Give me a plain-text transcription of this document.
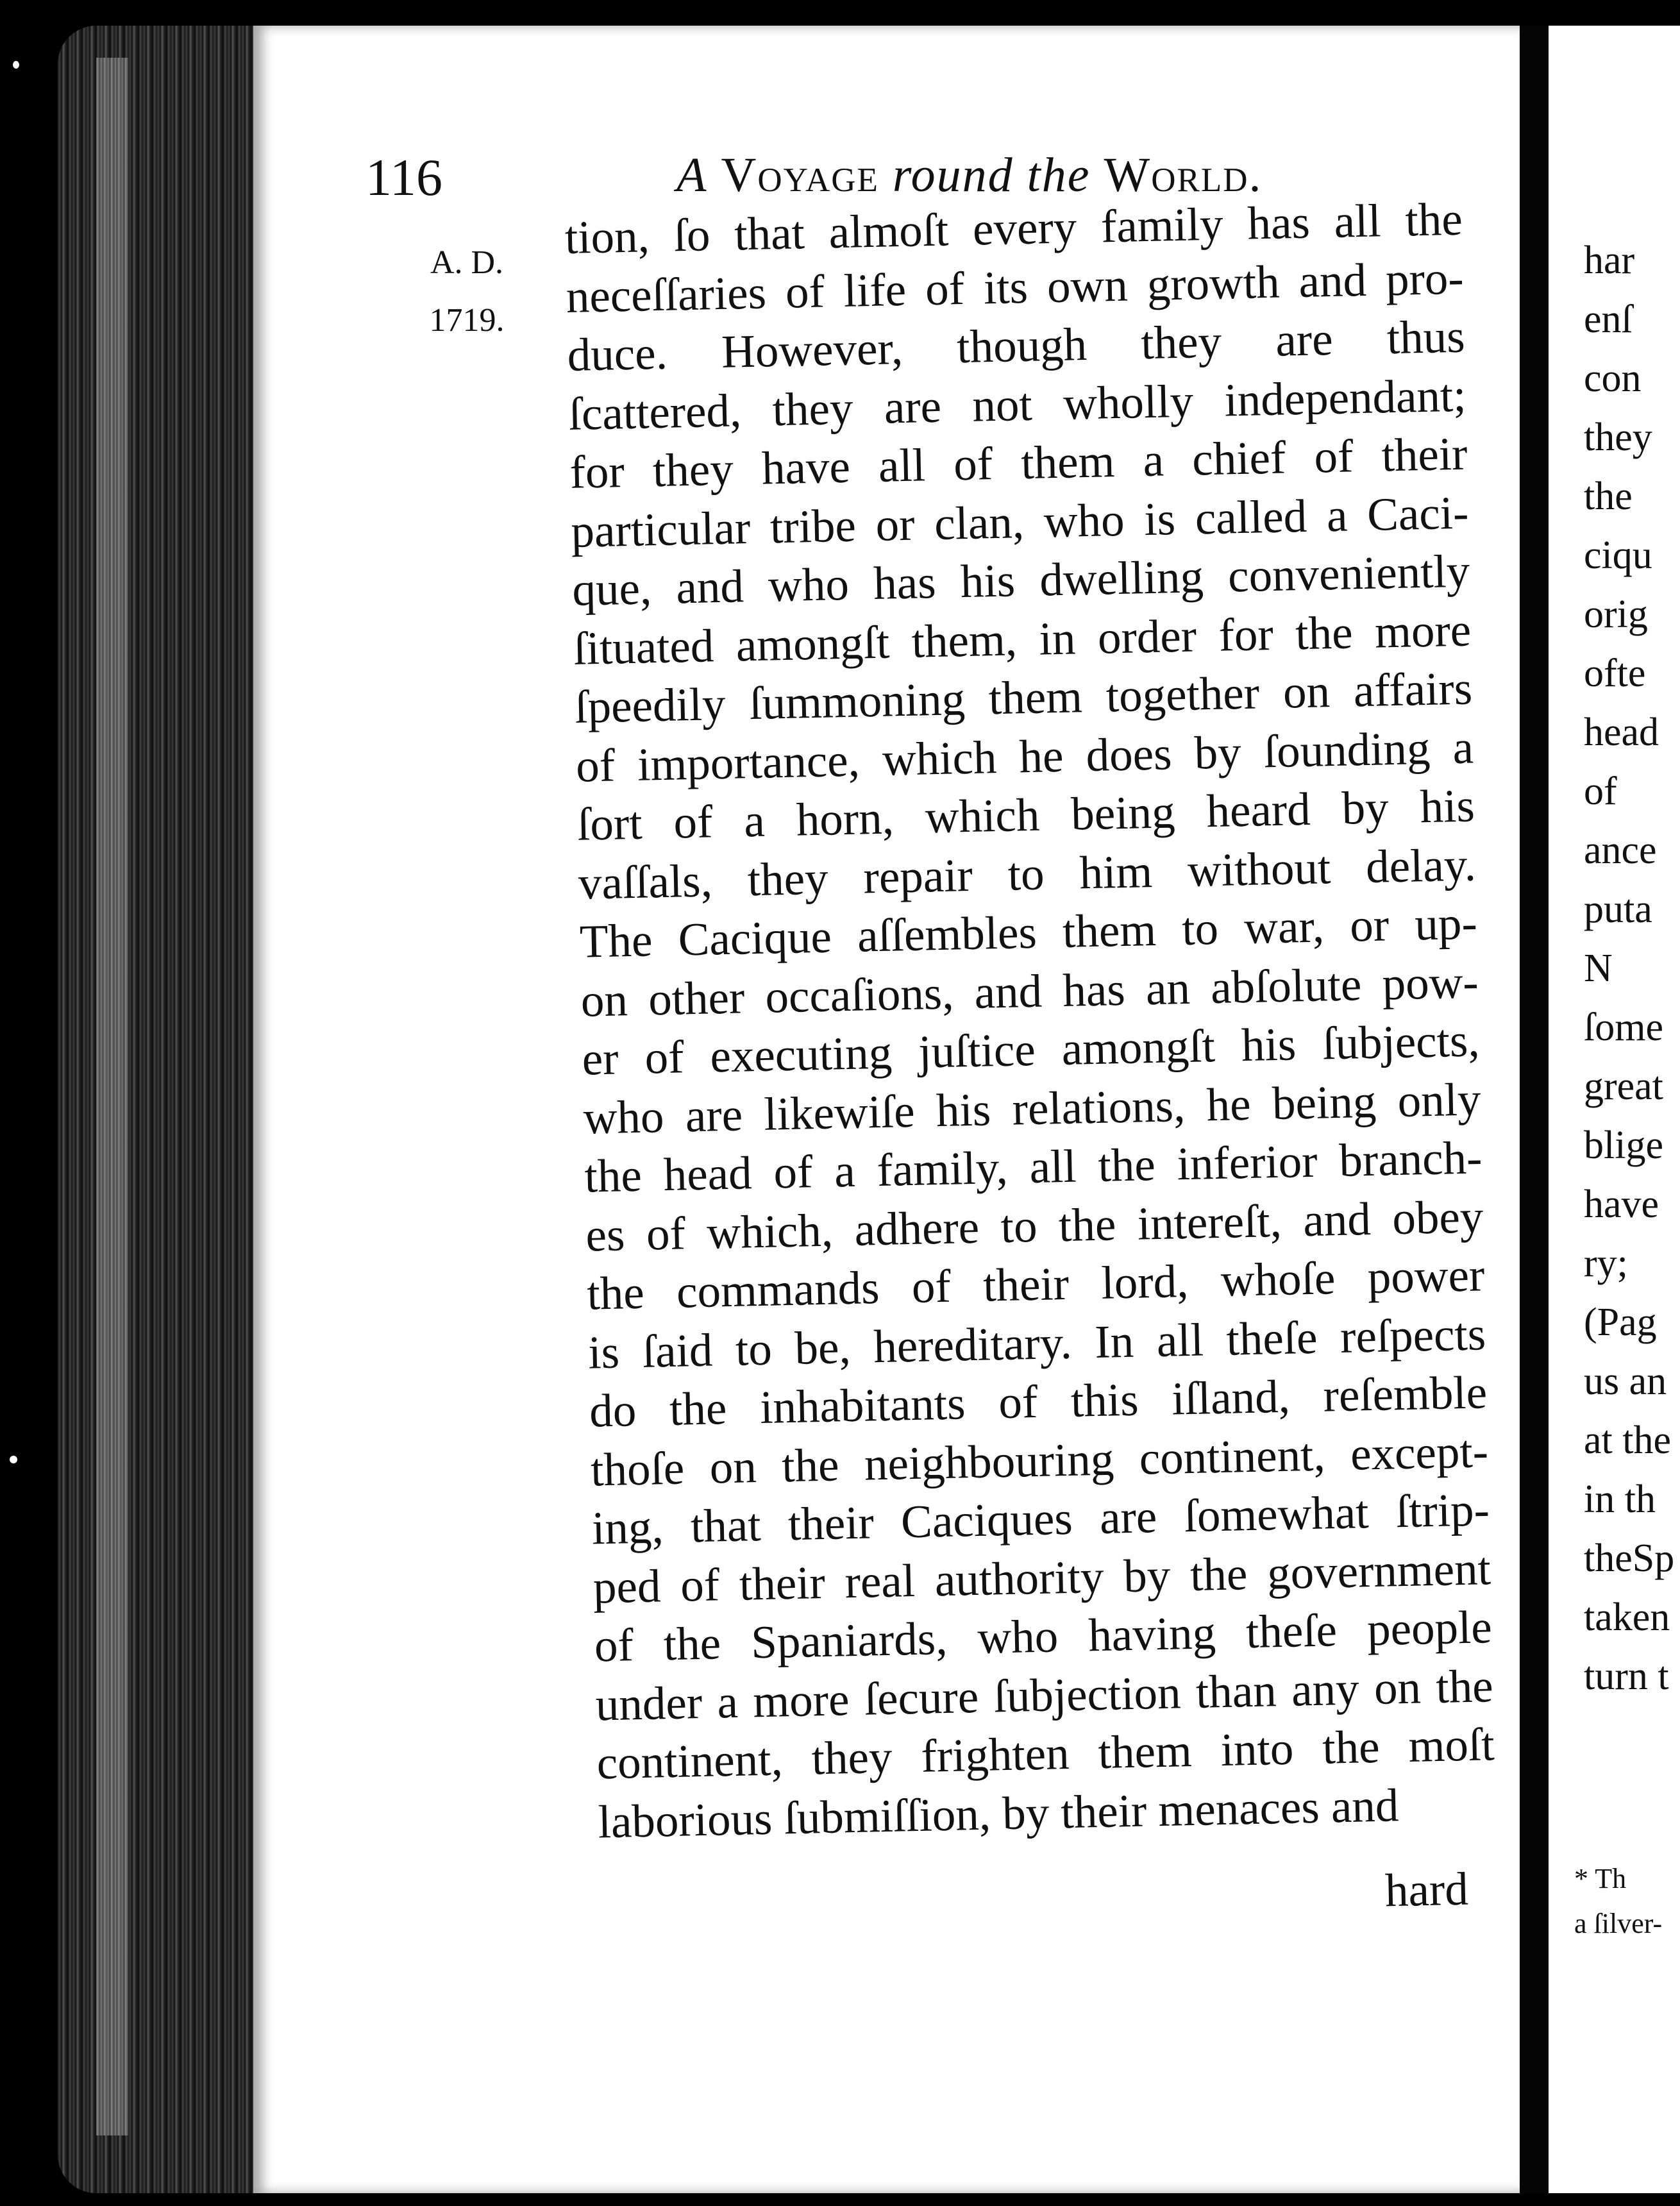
116	A Voyage round the World.
A. D.
1719.
tion, ſo that almoſt every family has all the
neceſſaries of life of its own growth and pro-
duce. However, though they are thus
ſcattered, they are not wholly independant;
for they have all of them a chief of their
particular tribe or clan, who is called a Caci-
que, and who has his dwelling conveniently
ſituated amongſt them, in order for the more
ſpeedily ſummoning them together on affairs
of importance, which he does by ſounding a
ſort of a horn, which being heard by his
vaſſals, they repair to him without delay.
The Cacique aſſembles them to war, or up-
on other occaſions, and has an abſolute pow-
er of executing juſtice amongſt his ſubjects,
who are likewiſe his relations, he being only
the head of a family, all the inferior branch-
es of which, adhere to the intereſt, and obey
the commands of their lord, whoſe power
is ſaid to be, hereditary. In all theſe reſpects
do the inhabitants of this iſland, reſemble
thoſe on the neighbouring continent, except-
ing, that their Caciques are ſomewhat ſtrip-
ped of their real authority by the government
of the Spaniards, who having theſe people
under a more ſecure ſubjection than any on the
continent, they frighten them into the moſt
laborious ſubmiſſion, by their menaces and
hard
har
enſ
con
they
the
ciqu
orig
ofte
head
of
ance
puta
N
ſome
great
blige
have
ry;
(Pag
us an
at the
in th
theSp
taken
turn t
* Th
a ſilver-
